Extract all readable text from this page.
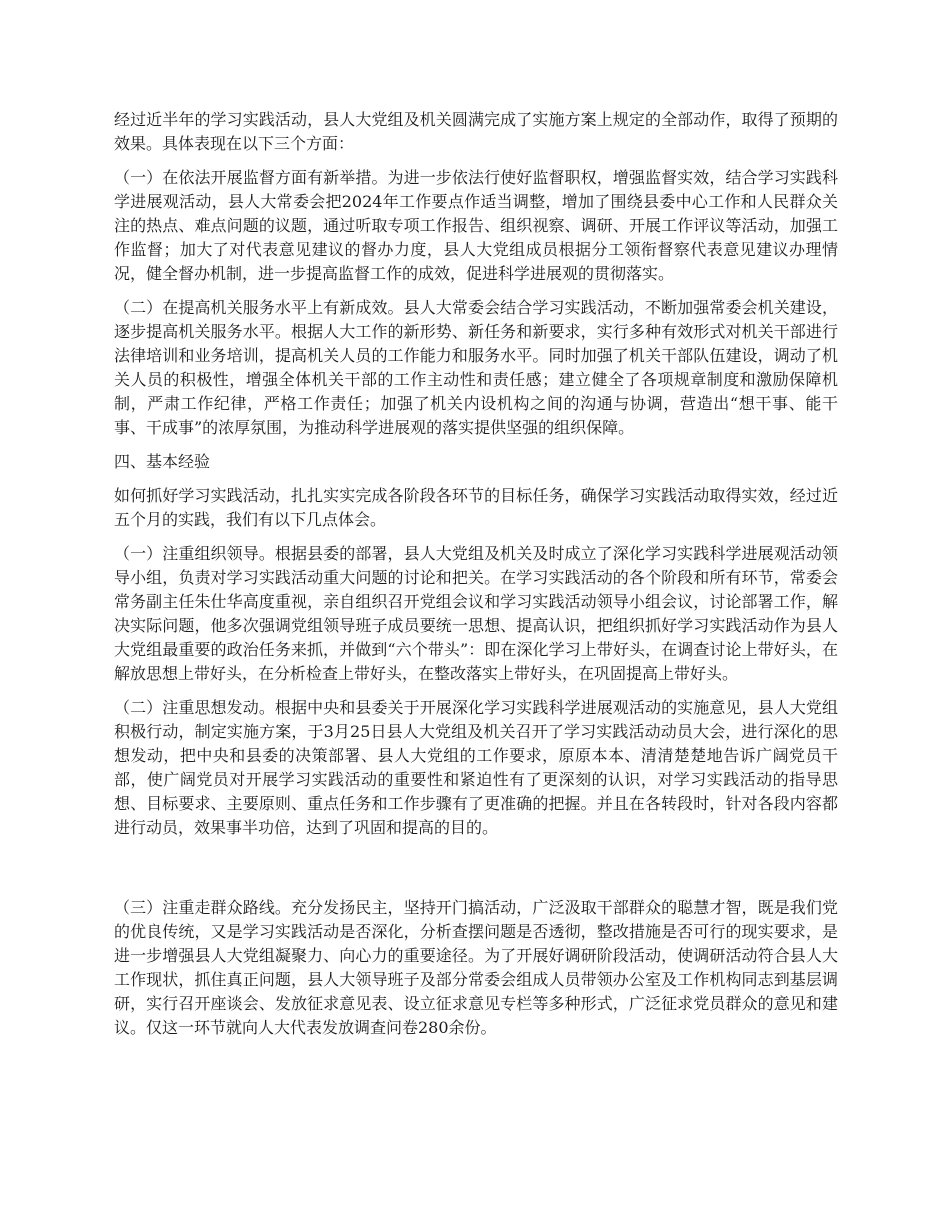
经过近半年的学习实践活动，县人大党组及机关圆满完成了实施方案上规定的全部动作，取得了预期的效果。具体表现在以下三个方面：

（一）在依法开展监督方面有新举措。为进一步依法行使好监督职权，增强监督实效，结合学习实践科学进展观活动，县人大常委会把2024年工作要点作适当调整，增加了围绕县委中心工作和人民群众关注的热点、难点问题的议题，通过听取专项工作报告、组织视察、调研、开展工作评议等活动，加强工作监督；加大了对代表意见建议的督办力度，县人大党组成员根据分工领衔督察代表意见建议办理情况，健全督办机制，进一步提高监督工作的成效，促进科学进展观的贯彻落实。

（二）在提高机关服务水平上有新成效。县人大常委会结合学习实践活动，不断加强常委会机关建设，逐步提高机关服务水平。根据人大工作的新形势、新任务和新要求，实行多种有效形式对机关干部进行法律培训和业务培训，提高机关人员的工作能力和服务水平。同时加强了机关干部队伍建设，调动了机关人员的积极性，增强全体机关干部的工作主动性和责任感；建立健全了各项规章制度和激励保障机制，严肃工作纪律，严格工作责任；加强了机关内设机构之间的沟通与协调，营造出“想干事、能干事、干成事”的浓厚氛围，为推动科学进展观的落实提供坚强的组织保障。

四、基本经验

如何抓好学习实践活动，扎扎实实完成各阶段各环节的目标任务，确保学习实践活动取得实效，经过近五个月的实践，我们有以下几点体会。

（一）注重组织领导。根据县委的部署，县人大党组及机关及时成立了深化学习实践科学进展观活动领导小组，负责对学习实践活动重大问题的讨论和把关。在学习实践活动的各个阶段和所有环节，常委会常务副主任朱仕华高度重视，亲自组织召开党组会议和学习实践活动领导小组会议，讨论部署工作，解决实际问题，他多次强调党组领导班子成员要统一思想、提高认识，把组织抓好学习实践活动作为县人大党组最重要的政治任务来抓，并做到“六个带头”：即在深化学习上带好头，在调查讨论上带好头，在解放思想上带好头，在分析检查上带好头，在整改落实上带好头，在巩固提高上带好头。

（二）注重思想发动。根据中央和县委关于开展深化学习实践科学进展观活动的实施意见，县人大党组积极行动，制定实施方案，于3月25日县人大党组及机关召开了学习实践活动动员大会，进行深化的思想发动，把中央和县委的决策部署、县人大党组的工作要求，原原本本、清清楚楚地告诉广阔党员干部，使广阔党员对开展学习实践活动的重要性和紧迫性有了更深刻的认识，对学习实践活动的指导思想、目标要求、主要原则、重点任务和工作步骤有了更准确的把握。并且在各转段时，针对各段内容都进行动员，效果事半功倍，达到了巩固和提高的目的。

（三）注重走群众路线。充分发扬民主，坚持开门搞活动，广泛汲取干部群众的聪慧才智，既是我们党的优良传统，又是学习实践活动是否深化，分析查摆问题是否透彻，整改措施是否可行的现实要求，是进一步增强县人大党组凝聚力、向心力的重要途径。为了开展好调研阶段活动，使调研活动符合县人大工作现状，抓住真正问题，县人大领导班子及部分常委会组成人员带领办公室及工作机构同志到基层调研，实行召开座谈会、发放征求意见表、设立征求意见专栏等多种形式，广泛征求党员群众的意见和建议。仅这一环节就向人大代表发放调查问卷280余份。
